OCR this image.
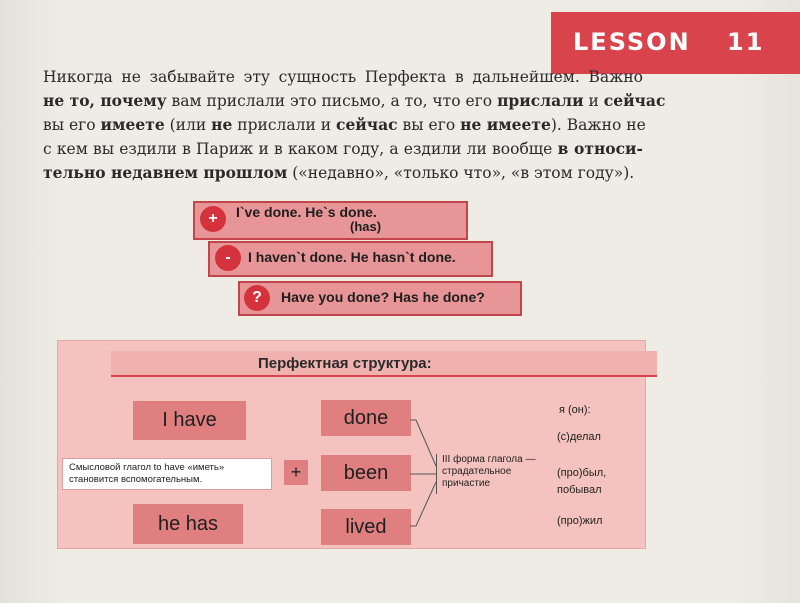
LESSON 11
Никогда не забывайте эту сущность Перфекта в дальнейшем. Важно
не то, почему вам прислали это письмо, а то, что его прислали и сейчас
вы его имеете (или не прислали и сейчас вы его не имеете). Важно не
с кем вы ездили в Париж и в каком году, а ездили ли вообще в относи-
тельно недавнем прошлом («недавно», «только что», «в этом году»).
+	I`ve done. He`s done.
(has)
-	I haven`t done. He hasn`t done.
?	Have you done? Has he done?
Перфектная структура:
I have
he has
Смысловой глагол to have «иметь»
становится вспомогательным.	+
done
been
lived
III форма глагола —
страдательное
причастие
я (он):
(с)делал
(про)был,
побывал
(про)жил
